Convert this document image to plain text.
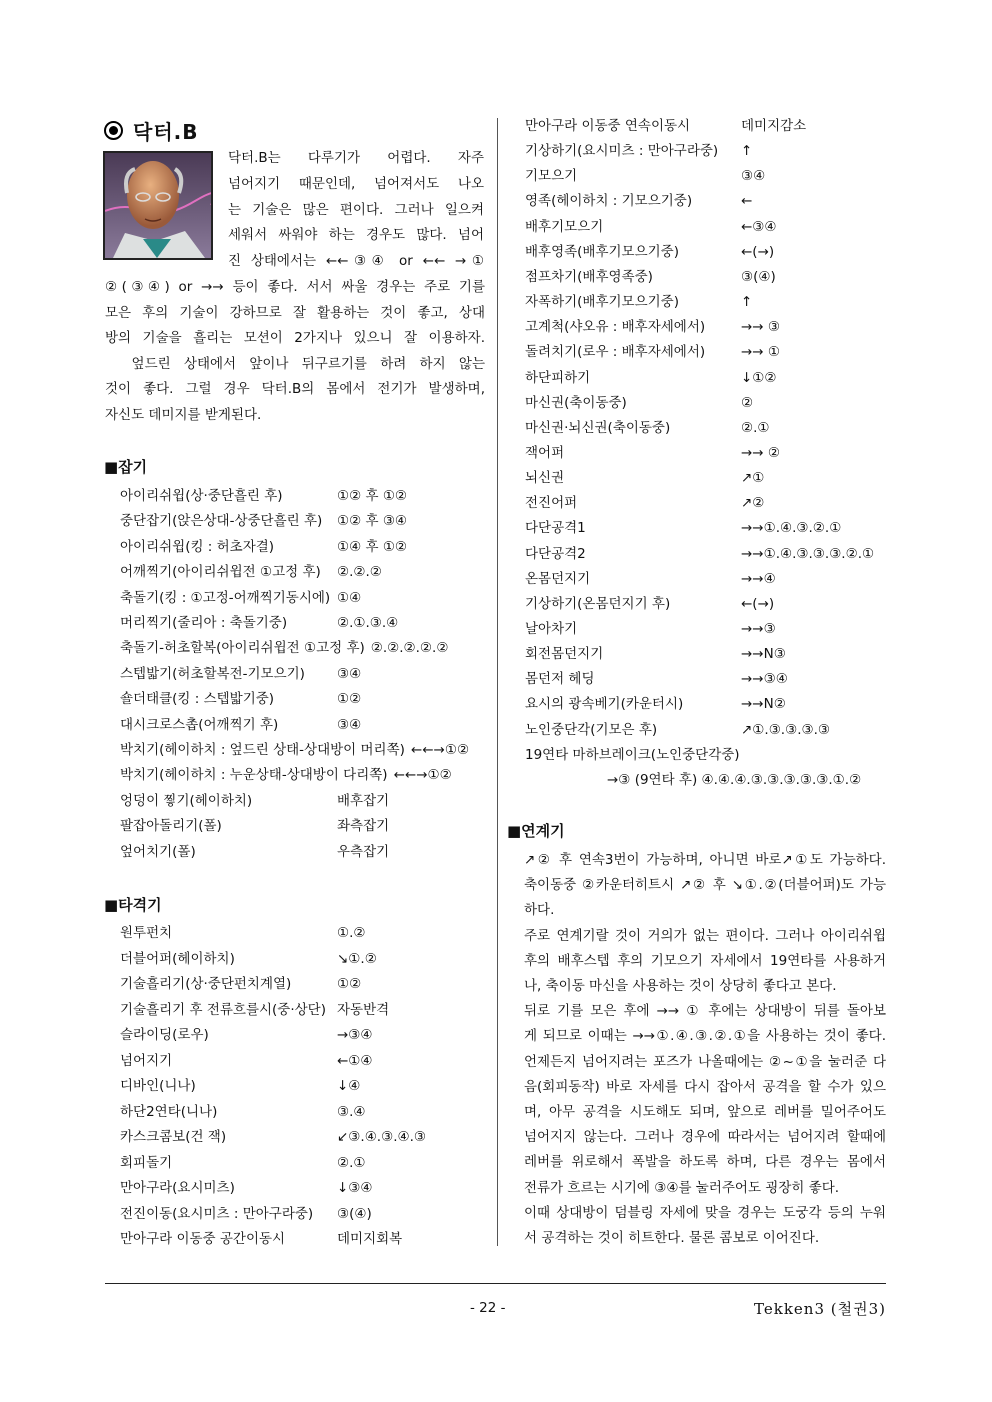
닥터.B
닥터.B는 다루기가 어렵다. 자주
넘어지기 때문인데, 넘어져서도 나오
는 기술은 많은 편이다. 그러나 일으켜
세워서 싸워야 하는 경우도 많다. 넘어
진 상태에서는 ←←③④ or ←← →①
②(③④) or →→ 등이 좋다. 서서 싸울 경우는 주로 기를
모은 후의 기술이 강하므로 잘 활용하는 것이 좋고, 상대
방의 기술을 흘리는 모션이 2가지나 있으니 잘 이용하자.
엎드린 상태에서 앞이나 뒤구르기를 하려 하지 않는
것이 좋다. 그럴 경우 닥터.B의 몸에서 전기가 발생하며,
자신도 데미지를 받게된다.
■잡기
아이리쉬윕(상·중단흘린 후)	①② 후 ①②
중단잡기(앉은상대-상중단흘린 후) ①② 후 ③④
아이리쉬윕(킹 : 허초자결)	①④ 후 ①②
어깨찍기(아이리쉬윕전 ①고정 후) ②.②.②
축돌기(킹 : ①고정-어깨찍기동시에) ①④
머리찍기(줄리아 : 축돌기중)	②.①.③.④
축돌기-허초할복(아이리쉬윕전 ①고정 후) ②.②.②.②.②
스텝밟기(허초할복전-기모으기) ③④
숄더태클(킹 : 스텝밟기중)	①②
대시크로스촙(어깨찍기 후)	③④
박치기(헤이하치 : 엎드린 상태-상대방이 머리쪽) ←←→①②
박치기(헤이하치 : 누운상태-상대방이 다리쪽) ←←→①②
엉덩이 찧기(헤이하치)	배후잡기
팔잡아돌리기(폴)	좌측잡기
엎어치기(폴)	우측잡기
■타격기
원투펀치	①.②
더블어퍼(헤이하치)	↘①.②
기술흘리기(상·중단펀치계열)	①②
기술흘리기 후 전류흐를시(중·상단) 자동반격
슬라이딩(로우)	→③④
넘어지기	←①④
디바인(니나)	↓④
하단2연타(니나)	③.④
카스크콤보(건 잭)	↙③.④.③.④.③
회피돌기	②.①
만아구라(요시미츠)	↓③④
전진이동(요시미츠 : 만아구라중) ③(④)
만아구라 이동중 공간이동시	데미지회복
만아구라 이동중 연속이동시	데미지감소
기상하기(요시미츠 : 만아구라중) ↑
기모으기	③④
영족(헤이하치 : 기모으기중)	←
배후기모으기	←③④
배후영족(배후기모으기중)	←(→)
점프차기(배후영족중)	③(④)
자폭하기(배후기모으기중)	↑
고계척(샤오유 : 배후자세에서)	→→ ③
돌려치기(로우 : 배후자세에서)	→→ ①
하단피하기	↓①②
마신권(축이동중)	②
마신권·뇌신권(축이동중)	②.①
잭어퍼	→→ ②
뇌신권	↗①
전진어퍼	↗②
다단공격1	→→①.④.③.②.①
다단공격2	→→①.④.③.③.③.②.①
온몸던지기	→→④
기상하기(온몸던지기 후)	←(→)
날아차기	→→③
회전몸던지기	→→N③
몸던저 헤딩	→→③④
요시의 광속베기(카운터시)	→→N②
노인중단각(기모은 후)	↗①.③.③.③.③
19연타 마하브레이크(노인중단각중)
→③ (9연타 후) ④.④.④.③.③.③.③.③.①.②
■연계기
↗② 후 연속3번이 가능하며, 아니면 바로↗①도 가능하다.
축이동중 ②카운터히트시 ↗② 후 ↘①.②(더블어퍼)도 가능
하다.
주로 연계기랄 것이 거의가 없는 편이다. 그러나 아이리쉬윕
후의 배후스텝 후의 기모으기 자세에서 19연타를 사용하거
나, 축이동 마신을 사용하는 것이 상당히 좋다고 본다.
뒤로 기를 모은 후에 →→ ① 후에는 상대방이 뒤를 돌아보
게 되므로 이때는 →→①.④.③.②.①을 사용하는 것이 좋다.
언제든지 넘어지려는 포즈가 나올때에는 ②~①을 눌러준 다
음(회피동작) 바로 자세를 다시 잡아서 공격을 할 수가 있으
며, 아무 공격을 시도해도 되며, 앞으로 레버를 밀어주어도
넘어지지 않는다. 그러나 경우에 따라서는 넘어지려 할때에
레버를 위로해서 폭발을 하도록 하며, 다른 경우는 몸에서
전류가 흐르는 시기에 ③④를 눌러주어도 굉장히 좋다.
이때 상대방이 덤블링 자세에 맞을 경우는 도궁각 등의 누워
서 공격하는 것이 히트한다. 물론 콤보로 이어진다.
- 22 -	Tekken3 (철권3)
